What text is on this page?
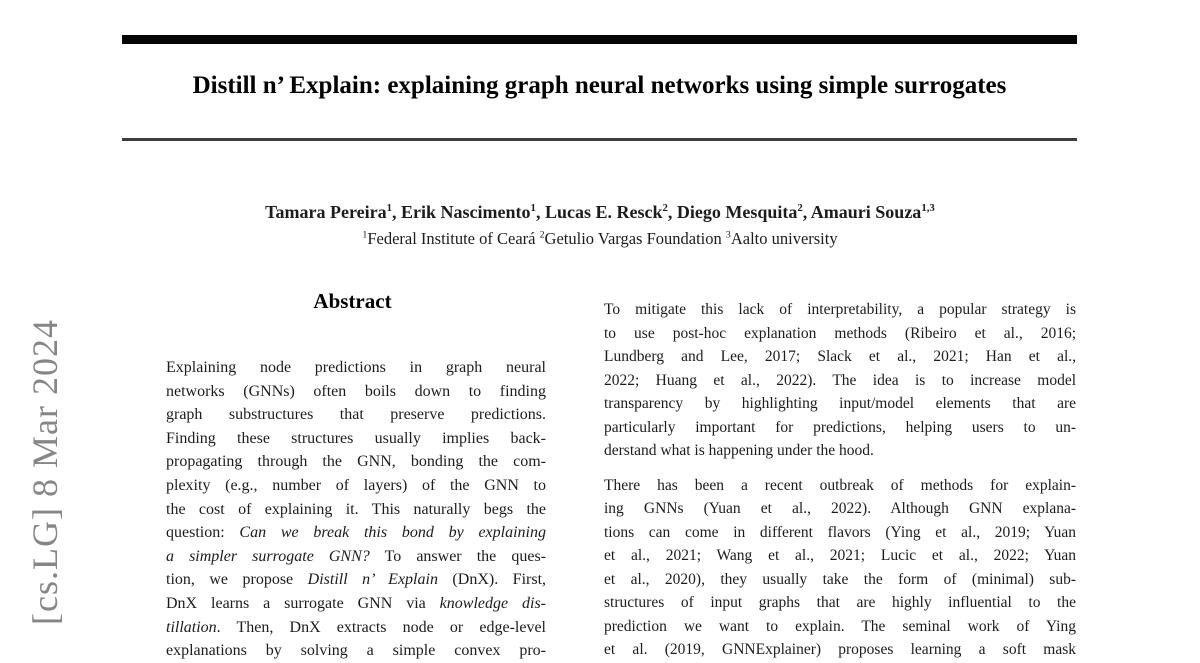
[cs.LG] 8 Mar 2024
Distill n’ Explain: explaining graph neural networks using simple surrogates
Tamara Pereira$^1$, Erik Nascimento$^1$, Lucas E. Resck$^2$, Diego Mesquita$^2$, Amauri Souza$^{1,3}$
$^1$Federal Institute of Ceará $^2$Getulio Vargas Foundation $^3$Aalto university
Abstract
Explaining node predictions in graph neural
networks (GNNs) often boils down to finding
graph substructures that preserve predictions.
Finding these structures usually implies back-
propagating through the GNN, bonding the com-
plexity (e.g., number of layers) of the GNN to
the cost of explaining it. This naturally begs the
question: Can we break this bond by explaining
a simpler surrogate GNN? To answer the ques-
tion, we propose Distill n’ Explain (DnX). First,
DnX learns a surrogate GNN via knowledge dis-
tillation. Then, DnX extracts node or edge-level
explanations by solving a simple convex pro-
To mitigate this lack of interpretability, a popular strategy is
to use post-hoc explanation methods (Ribeiro et al., 2016;
Lundberg and Lee, 2017; Slack et al., 2021; Han et al.,
2022; Huang et al., 2022). The idea is to increase model
transparency by highlighting input/model elements that are
particularly important for predictions, helping users to un-
derstand what is happening under the hood.
There has been a recent outbreak of methods for explain-
ing GNNs (Yuan et al., 2022). Although GNN explana-
tions can come in different flavors (Ying et al., 2019; Yuan
et al., 2021; Wang et al., 2021; Lucic et al., 2022; Yuan
et al., 2020), they usually take the form of (minimal) sub-
structures of input graphs that are highly influential to the
prediction we want to explain. The seminal work of Ying
et al. (2019, GNNExplainer) proposes learning a soft mask
